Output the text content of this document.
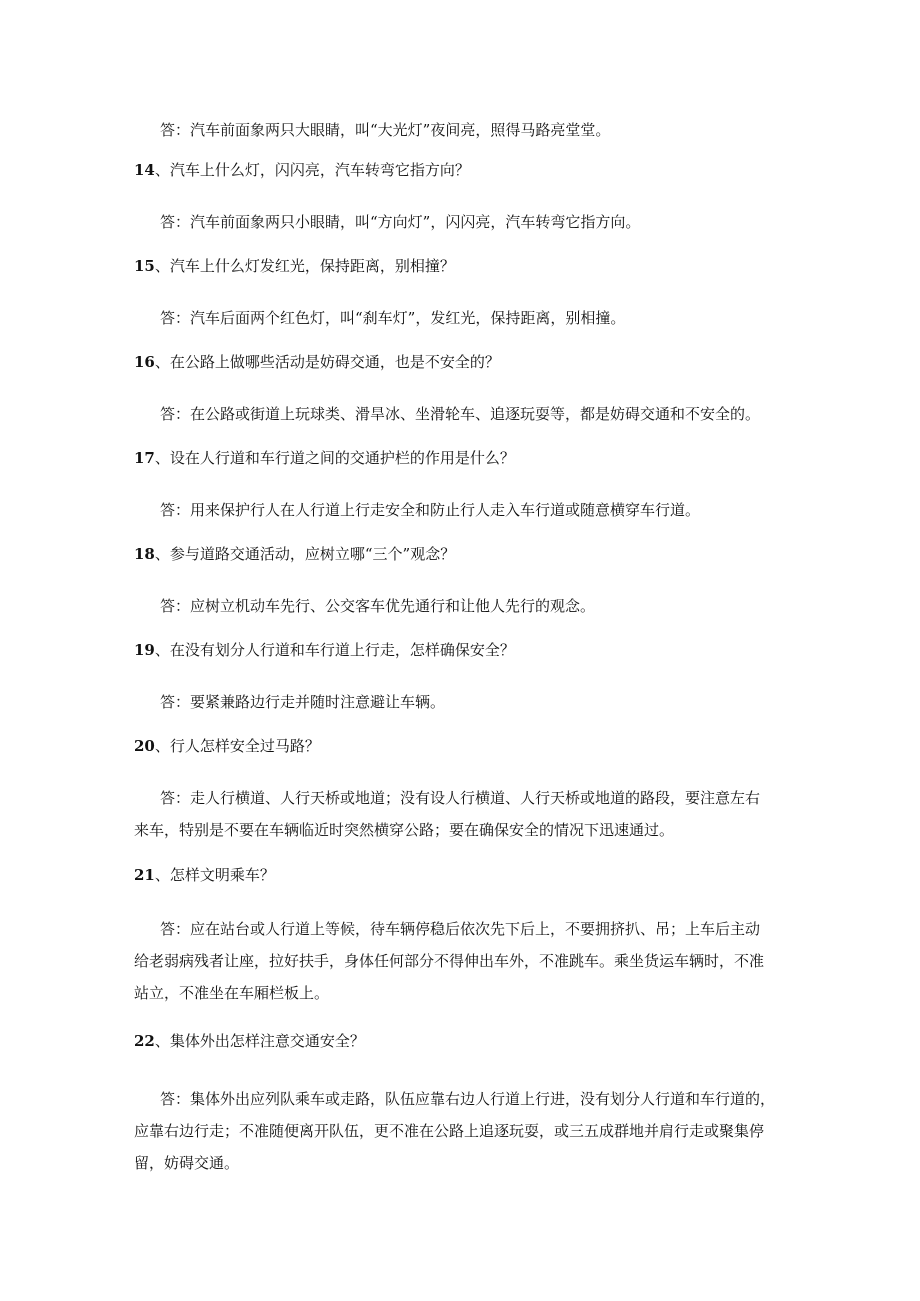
答：汽车前面象两只大眼睛，叫“大光灯”夜间亮，照得马路亮堂堂。
14、汽车上什么灯，闪闪亮，汽车转弯它指方向？
答：汽车前面象两只小眼睛，叫“方向灯”，闪闪亮，汽车转弯它指方向。
15、汽车上什么灯发红光，保持距离，别相撞？
答：汽车后面两个红色灯，叫“刹车灯”，发红光，保持距离，别相撞。
16、在公路上做哪些活动是妨碍交通，也是不安全的？
答：在公路或街道上玩球类、滑旱冰、坐滑轮车、追逐玩耍等，都是妨碍交通和不安全的。
17、设在人行道和车行道之间的交通护栏的作用是什么？
答：用来保护行人在人行道上行走安全和防止行人走入车行道或随意横穿车行道。
18、参与道路交通活动，应树立哪“三个”观念？
答：应树立机动车先行、公交客车优先通行和让他人先行的观念。
19、在没有划分人行道和车行道上行走，怎样确保安全？
答：要紧兼路边行走并随时注意避让车辆。
20、行人怎样安全过马路？
答：走人行横道、人行天桥或地道；没有设人行横道、人行天桥或地道的路段，要注意左右
来车，特别是不要在车辆临近时突然横穿公路；要在确保安全的情况下迅速通过。
21、怎样文明乘车？
答：应在站台或人行道上等候，待车辆停稳后依次先下后上，不要拥挤扒、吊；上车后主动
给老弱病残者让座，拉好扶手，身体任何部分不得伸出车外，不准跳车。乘坐货运车辆时，不准
站立，不准坐在车厢栏板上。
22、集体外出怎样注意交通安全？
答：集体外出应列队乘车或走路，队伍应靠右边人行道上行进，没有划分人行道和车行道的，
应靠右边行走；不准随便离开队伍，更不准在公路上追逐玩耍，或三五成群地并肩行走或聚集停
留，妨碍交通。
